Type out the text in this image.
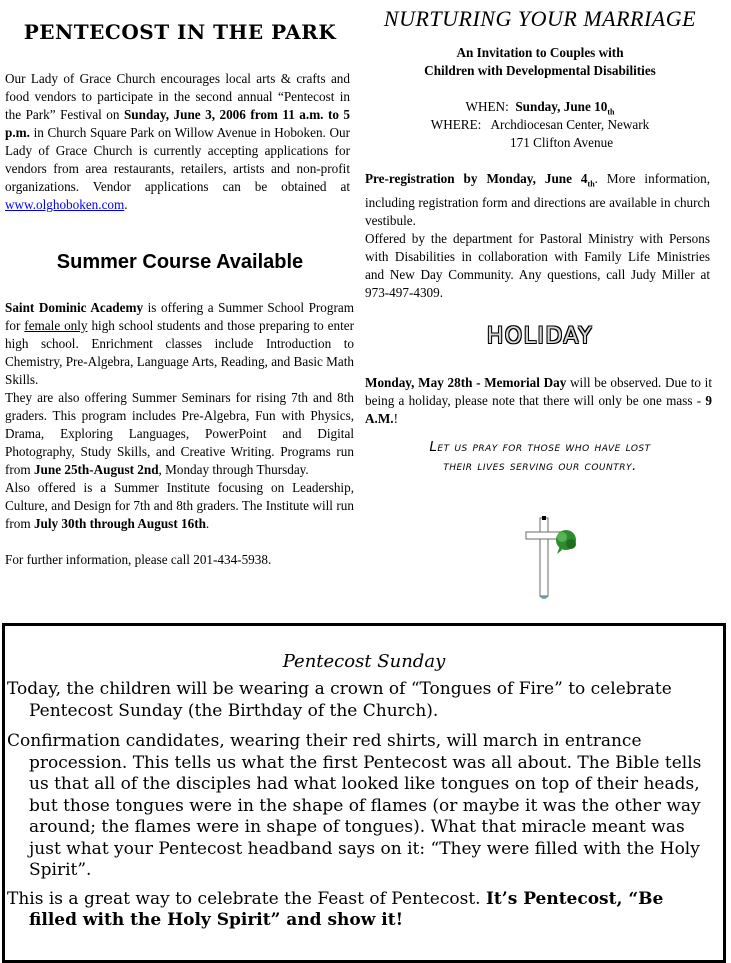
PENTECOST IN THE PARK

Our Lady of Grace Church encourages local arts & crafts and food vendors to participate in the second annual “Pentecost in the Park” Festival on Sunday, June 3, 2006 from 11 a.m. to 5 p.m. in Church Square Park on Willow Avenue in Hoboken. Our Lady of Grace Church is currently accepting applications for vendors from area restaurants, retailers, artists and non-profit organizations. Vendor applications can be obtained at www.olghoboken.com.

Summer Course Available

Saint Dominic Academy is offering a Summer School Program for female only high school students and those preparing to enter high school. Enrichment classes include Introduction to Chemistry, Pre-Algebra, Language Arts, Reading, and Basic Math Skills.

They are also offering Summer Seminars for rising 7th and 8th graders. This program includes Pre-Algebra, Fun with Physics, Drama, Exploring Languages, PowerPoint and Digital Photography, Study Skills, and Creative Writing. Programs run from June 25th-August 2nd, Monday through Thursday.

Also offered is a Summer Institute focusing on Leadership, Culture, and Design for 7th and 8th graders. The Institute will run from July 30th through August 16th.

For further information, please call 201-434-5938.

NURTURING YOUR MARRIAGE
An Invitation to Couples with
Children with Developmental Disabilities
WHEN: Sunday, June $10_{th}$
WHERE: Archdiocesan Center, Newark
171 Clifton Avenue

Pre-registration by Monday, June $4_{th}$. More information, including registration form and directions are available in church vestibule.

Offered by the department for Pastoral Ministry with Persons with Disabilities in collaboration with Family Life Ministries and New Day Community. Any questions, call Judy Miller at 973-497-4309.

HOLIDAY

Monday, May 28th - Memorial Day will be observed. Due to it being a holiday, please note that there will only be one mass - 9 A.M.!

Let us pray for those who have lost
their lives serving our country.
Pentecost Sunday

Today, the children will be wearing a crown of “Tongues of Fire” to celebrate Pentecost Sunday (the Birthday of the Church).

Confirmation candidates, wearing their red shirts, will march in entrance procession. This tells us what the first Pentecost was all about. The Bible tells us that all of the disciples had what looked like tongues on top of their heads, but those tongues were in the shape of flames (or maybe it was the other way around; the flames were in shape of tongues). What that miracle meant was just what your Pentecost headband says on it: “They were filled with the Holy Spirit”.

This is a great way to celebrate the Feast of Pentecost. It’s Pentecost, “Be filled with the Holy Spirit” and show it!
